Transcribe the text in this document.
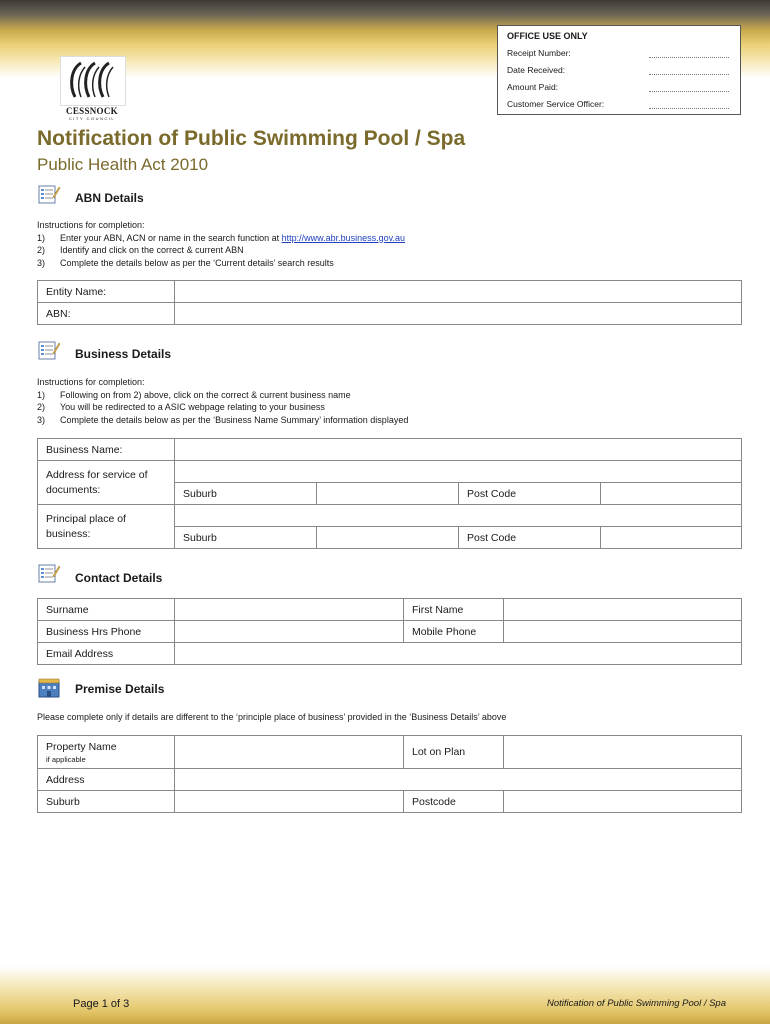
CESSNOCK
CITY COUNCIL
OFFICE USE ONLY
Receipt Number:
Date Received:
Amount Paid:
Customer Service Officer:
Notification of Public Swimming Pool / Spa
Public Health Act 2010
ABN Details
Instructions for completion:
1) Enter your ABN, ACN or name in the search function at http://www.abr.business.gov.au
2) Identify and click on the correct & current ABN
3) Complete the details below as per the ‘Current details’ search results
Entity Name:	
ABN:	
Business Details
Instructions for completion:
1) Following on from 2) above, click on the correct & current business name
2) You will be redirected to a ASIC webpage relating to your business
3) Complete the details below as per the ‘Business Name Summary’ information displayed
Business Name:				

Address for service of documents:				

	Suburb		Post Code	

Principal place of business:				

	Suburb		Post Code	
Contact Details
Surname		First Name	
Business Hrs Phone		Mobile Phone	
Email Address			
Premise Details
Please complete only if details are different to the ‘principle place of business’ provided in the ‘Business Details’ above
Property Name
if applicable		Lot on Plan	
Address			
Suburb		Postcode	
Page 1 of 3	Notification of Public Swimming Pool / Spa
